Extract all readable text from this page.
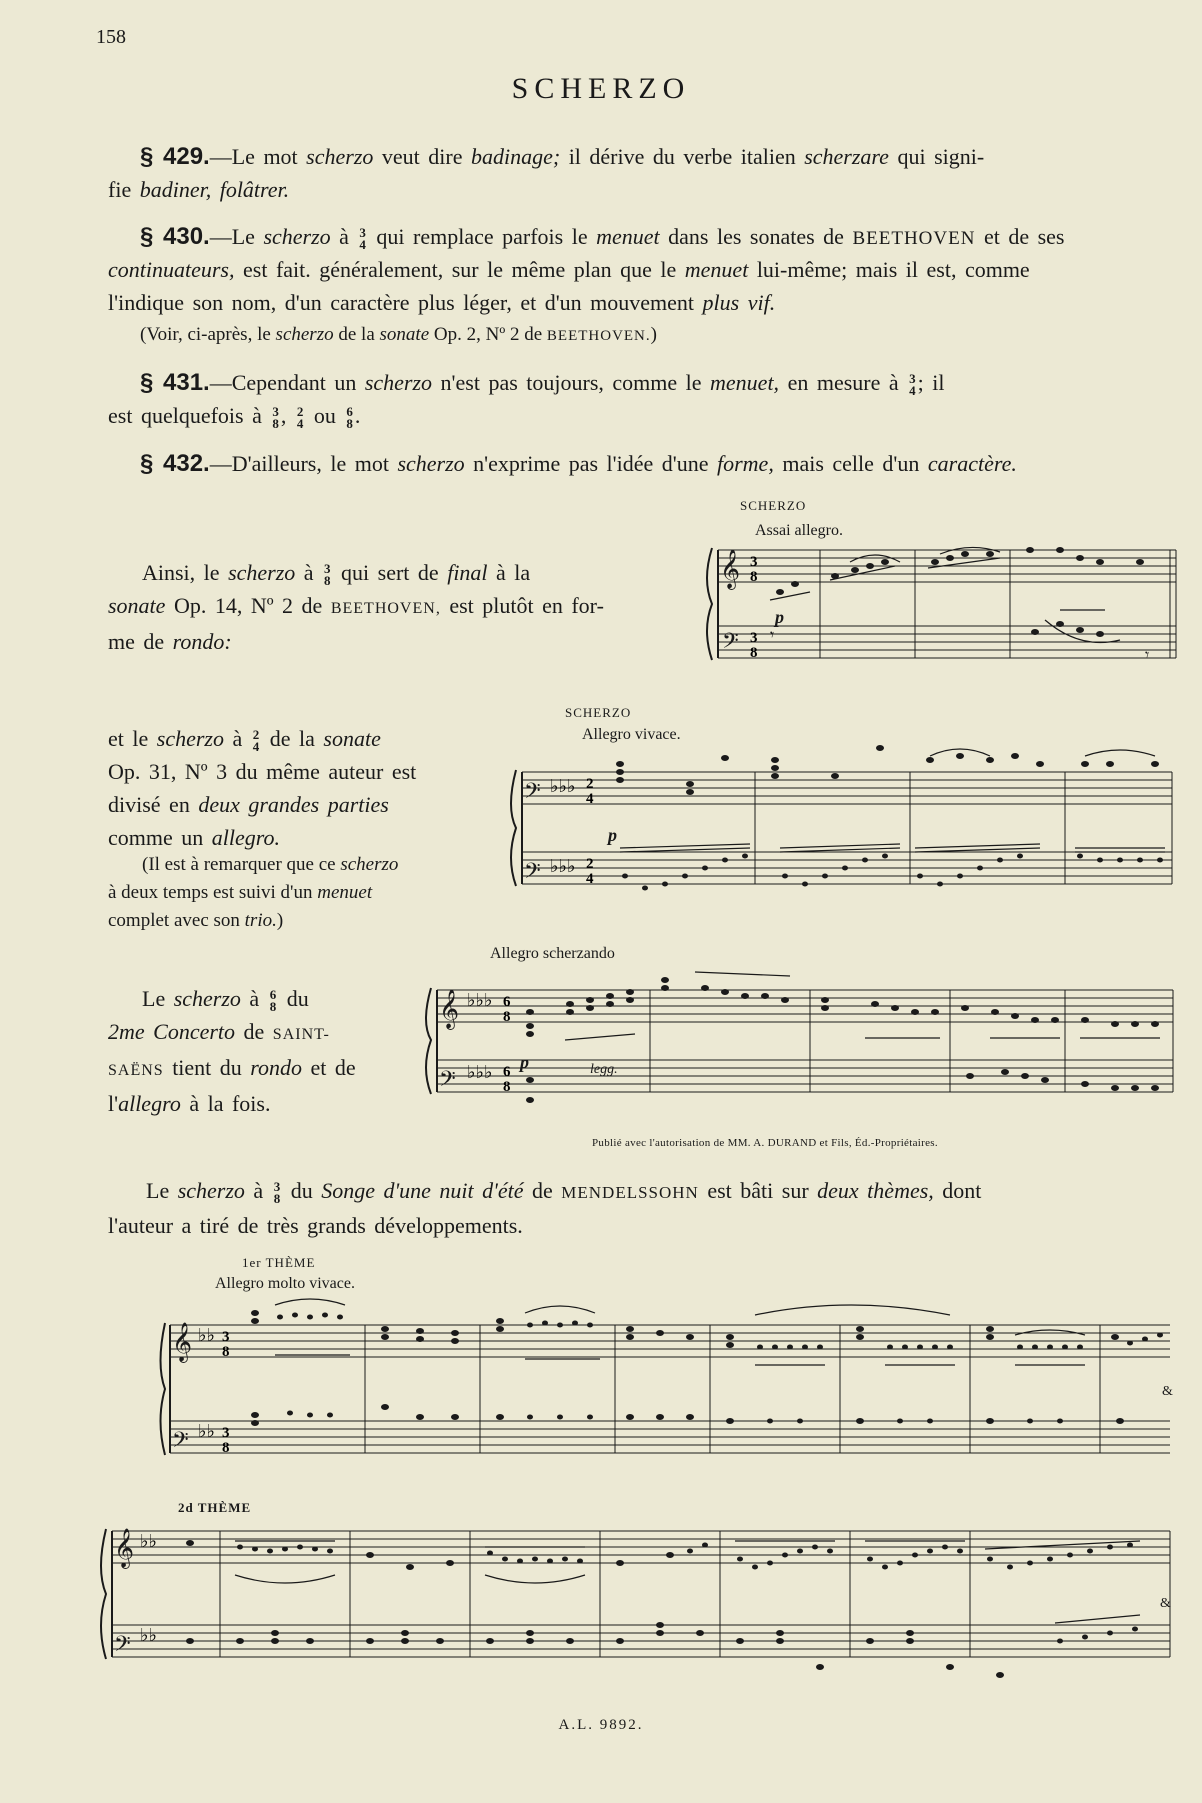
158
SCHERZO
§ 429.—Le mot scherzo veut dire badinage; il dérive du verbe italien scherzare qui signi-
fie badiner, folâtrer.
§ 430.—Le scherzo à 3
4 qui remplace parfois le menuet dans les sonates de BEETHOVEN et de ses
continuateurs, est fait. généralement, sur le même plan que le menuet lui-même; mais il est, comme
l'indique son nom, d'un caractère plus léger, et d'un mouvement plus vif.
(Voir, ci-après, le scherzo de la sonate Op. 2, Nº 2 de BEETHOVEN.)
§ 431.—Cependant un scherzo n'est pas toujours, comme le menuet, en mesure à 3
4 ; il
est quelquefois à 3
8 , 2
4 ou 6
8 .
§ 432.—D'ailleurs, le mot scherzo n'exprime pas l'idée d'une forme, mais celle d'un caractère.
Ainsi, le scherzo à 3
8 qui sert de final à la
sonate Op. 14, Nº 2 de BEETHOVEN, est plutôt en for-
me de rondo:
et le scherzo à 2
4 de la sonate
Op. 31, Nº 3 du même auteur est
divisé en deux grandes parties
comme un allegro.
(Il est à remarquer que ce scherzo
à deux temps est suivi d'un menuet
complet avec son trio.)
Le scherzo à 6
8 du
2me Concerto de SAINT-
SAËNS tient du rondo et de
l'allegro à la fois.
Le scherzo à 3
8 du Songe d'une nuit d'été de MENDELSSOHN est bâti sur deux thèmes, dont
l'auteur a tiré de très grands développements.
SCHERZO
Assai allegro.
SCHERZO
Allegro vivace.
Allegro scherzando
Publié avec l'autorisation de MM. A. DURAND et Fils, Éd.-Propriétaires.
1er THÈME
Allegro molto vivace.
2d THÈME
p
p
p	legg.
𝄞
𝄢
3
8
3
8
𝄾
𝄾
𝄢
𝄢
♭♭♭
♭♭♭
2
4
2
4
𝄞
𝄢
♭♭♭
♭♭♭
6
8
6
8
𝄞
𝄢
♭♭
♭♭
3
8
3
8
&
𝄞
𝄢
♭♭
♭♭
&
A.L. 9892.
